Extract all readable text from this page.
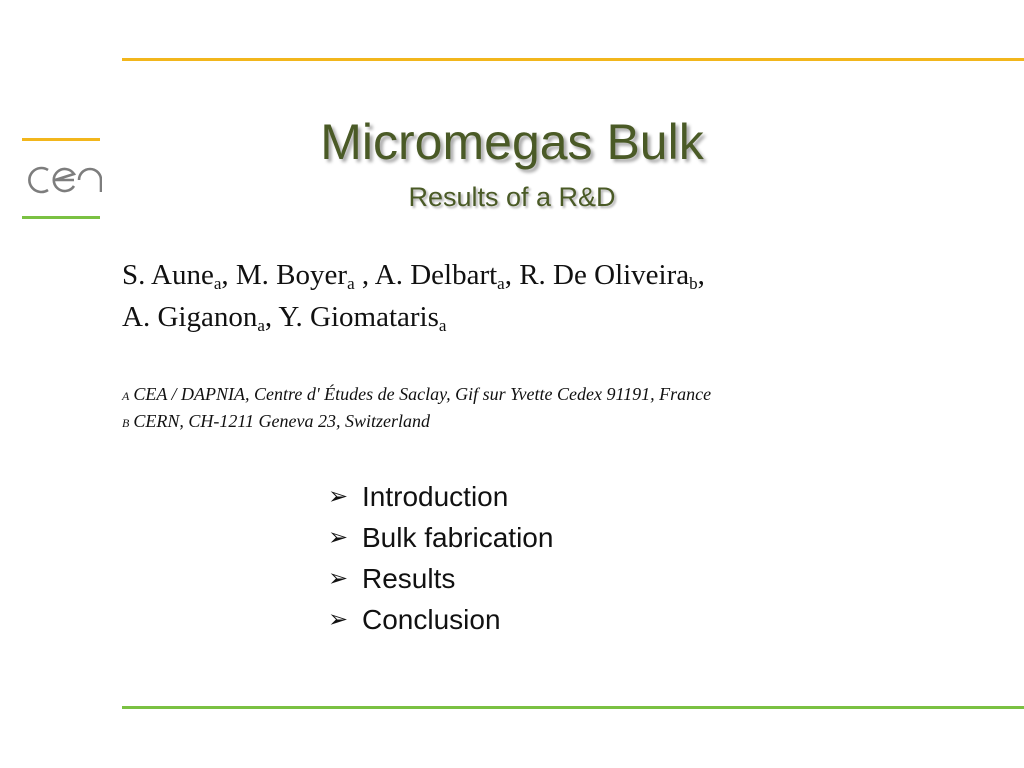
Micromegas Bulk
Results of a R&D
S. Aune$_a$, M. Boyer$_a$ , A. Delbart$_a$, R. De Oliveira$_b$,
A. Giganon$_a$, Y. Giomataris$_a$
A CEA / DAPNIA, Centre d' Études de Saclay, Gif sur Yvette Cedex 91191, France
B CERN, CH-1211 Geneva 23, Switzerland
➢ Introduction
➢ Bulk fabrication
➢ Results
➢ Conclusion
